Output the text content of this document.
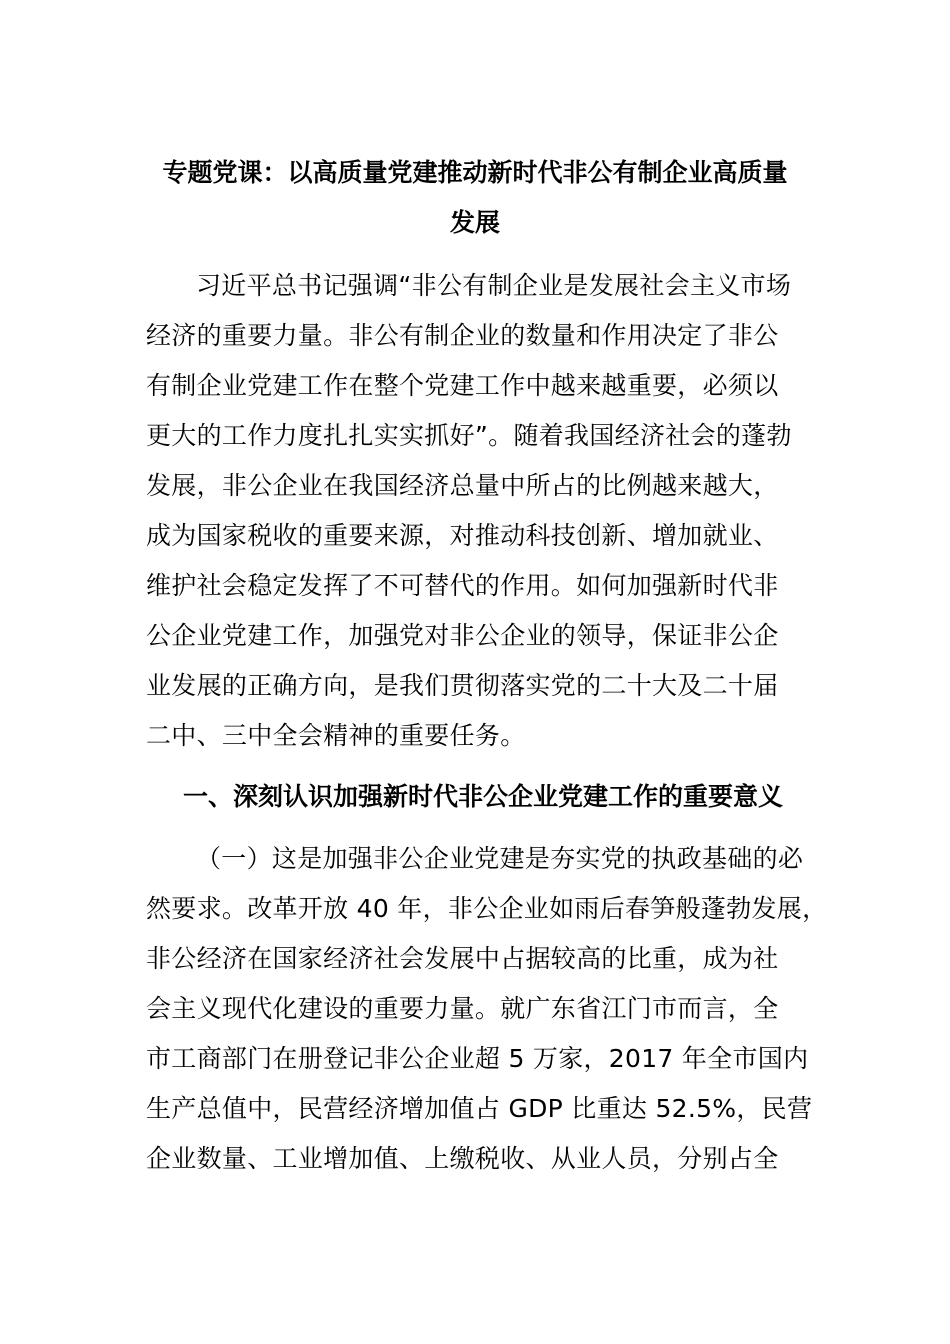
专题党课：以高质量党建推动新时代非公有制企业高质量
发展
习近平总书记强调“非公有制企业是发展社会主义市场
经济的重要力量。非公有制企业的数量和作用决定了非公
有制企业党建工作在整个党建工作中越来越重要，必须以
更大的工作力度扎扎实实抓好”。随着我国经济社会的蓬勃
发展，非公企业在我国经济总量中所占的比例越来越大，
成为国家税收的重要来源，对推动科技创新、增加就业、
维护社会稳定发挥了不可替代的作用。如何加强新时代非
公企业党建工作，加强党对非公企业的领导，保证非公企
业发展的正确方向，是我们贯彻落实党的二十大及二十届
二中、三中全会精神的重要任务。
一、深刻认识加强新时代非公企业党建工作的重要意义
（一）这是加强非公企业党建是夯实党的执政基础的必
然要求。改革开放 40 年，非公企业如雨后春笋般蓬勃发展，
非公经济在国家经济社会发展中占据较高的比重，成为社
会主义现代化建设的重要力量。就广东省江门市而言，全
市工商部门在册登记非公企业超 5 万家，2017 年全市国内
生产总值中，民营经济增加值占 GDP 比重达 52.5%，民营
企业数量、工业增加值、上缴税收、从业人员，分别占全
